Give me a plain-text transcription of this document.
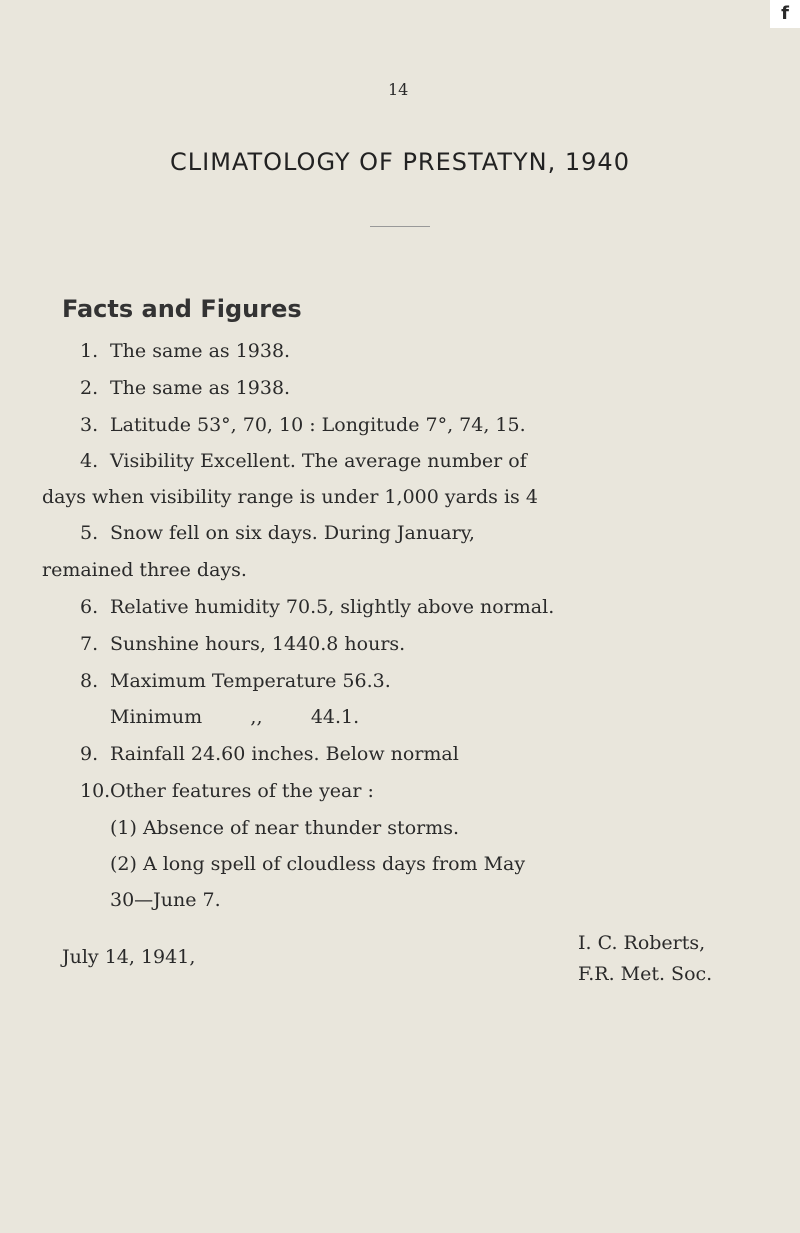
f
14
CLIMATOLOGY OF PRESTATYN, 1940
Facts and Figures
1. The same as 1938.
2. The same as 1938.
3. Latitude 53°, 70, 10 : Longitude 7°, 74, 15.
4. Visibility Excellent. The average number of
days when visibility range is under 1,000 yards is 4
5. Snow fell on six days. During January,
remained three days.
6. Relative humidity 70.5, slightly above normal.
7. Sunshine hours, 1440.8 hours.
8. Maximum Temperature 56.3.
Minimum        ,,        44.1.
9. Rainfall 24.60 inches. Below normal
10.Other features of the year :
(1) Absence of near thunder storms.
(2) A long spell of cloudless days from May
30—June 7.
I. C. Roberts,
F.R. Met. Soc.
July 14, 1941,
